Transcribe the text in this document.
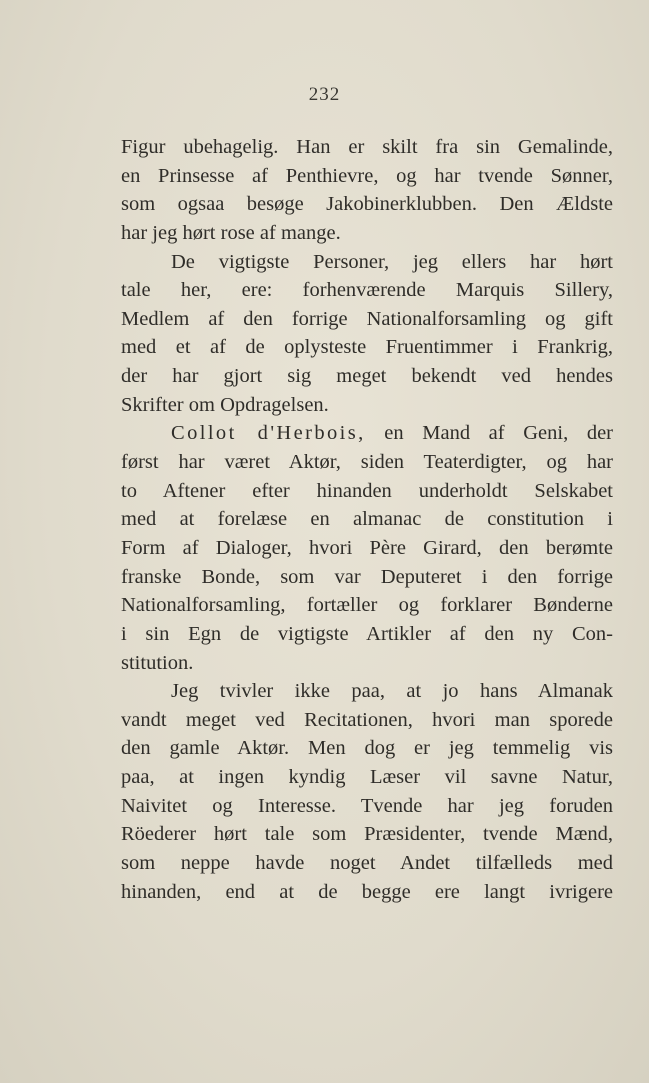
232
Figur ubehagelig. Han er skilt fra sin Gemalinde,
en Prinsesse af Penthievre, og har tvende Sønner,
som ogsaa besøge Jakobinerklubben. Den Ældste
har jeg hørt rose af mange.
De vigtigste Personer, jeg ellers har hørt
tale her, ere: forhenværende Marquis Sillery,
Medlem af den forrige Nationalforsamling og gift
med et af de oplysteste Fruentimmer i Frankrig,
der har gjort sig meget bekendt ved hendes
Skrifter om Opdragelsen.
Collot d'Herbois, en Mand af Geni, der
først har været Aktør, siden Teaterdigter, og har
to Aftener efter hinanden underholdt Selskabet
med at forelæse en almanac de constitution i
Form af Dialoger, hvori Père Girard, den berømte
franske Bonde, som var Deputeret i den forrige
Nationalforsamling, fortæller og forklarer Bønderne
i sin Egn de vigtigste Artikler af den ny Con-
stitution.
Jeg tvivler ikke paa, at jo hans Almanak
vandt meget ved Recitationen, hvori man sporede
den gamle Aktør. Men dog er jeg temmelig vis
paa, at ingen kyndig Læser vil savne Natur,
Naivitet og Interesse. Tvende har jeg foruden
Röederer hørt tale som Præsidenter, tvende Mænd,
som neppe havde noget Andet tilfælleds med
hinanden, end at de begge ere langt ivrigere
